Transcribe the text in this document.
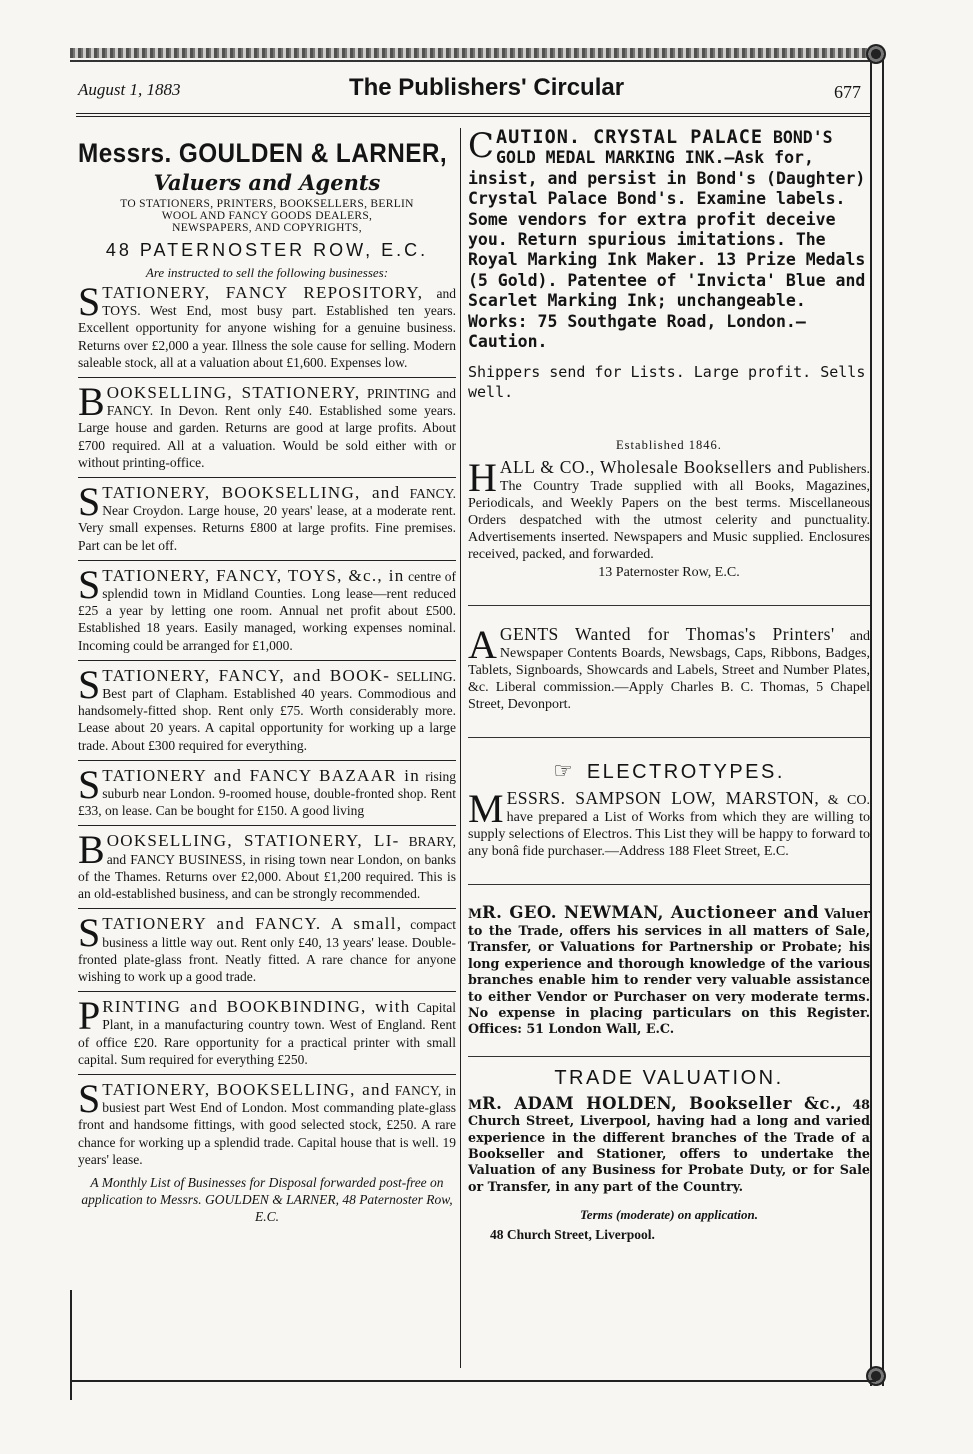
August 1, 1883	The Publishers' Circular	677
Messrs. GOULDEN & LARNER,
Valuers and Agents
TO STATIONERS, PRINTERS, BOOKSELLERS, BERLIN
WOOL AND FANCY GOODS DEALERS,
NEWSPAPERS, AND COPYRIGHTS,
48 PATERNOSTER ROW, E.C.
Are instructed to sell the following businesses:
STATIONERY, FANCY REPOSITORY, and TOYS. West End, most busy part. Established ten years. Excellent opportunity for anyone wishing for a genuine business. Returns over £2,000 a year. Illness the sole cause for selling. Modern saleable stock, all at a valuation about £1,600. Expenses low.
BOOKSELLING, STATIONERY, PRINTING and FANCY. In Devon. Rent only £40. Established some years. Large house and garden. Returns are good at large profits. About £700 required. All at a valuation. Would be sold either with or without printing-office.
STATIONERY, BOOKSELLING, and FANCY. Near Croydon. Large house, 20 years' lease, at a moderate rent. Very small expenses. Returns £800 at large profits. Fine premises. Part can be let off.
STATIONERY, FANCY, TOYS, &c., in centre of splendid town in Midland Counties. Long lease—rent reduced £25 a year by letting one room. Annual net profit about £500. Established 18 years. Easily managed, working expenses nominal. Incoming could be arranged for £1,000.
STATIONERY, FANCY, and BOOK- SELLING. Best part of Clapham. Established 40 years. Commodious and handsomely-fitted shop. Rent only £75. Worth considerably more. Lease about 20 years. A capital opportunity for working up a large trade. About £300 required for everything.
STATIONERY and FANCY BAZAAR in rising suburb near London. 9-roomed house, double-fronted shop. Rent £33, on lease. Can be bought for £150. A good living
BOOKSELLING, STATIONERY, LI- BRARY, and FANCY BUSINESS, in rising town near London, on banks of the Thames. Returns over £2,000. About £1,200 required. This is an old-established business, and can be strongly recommended.
STATIONERY and FANCY. A small, compact business a little way out. Rent only £40, 13 years' lease. Double-fronted plate-glass front. Neatly fitted. A rare chance for anyone wishing to work up a good trade.
PRINTING and BOOKBINDING, with Capital Plant, in a manufacturing country town. West of England. Rent of office £20. Rare opportunity for a practical printer with small capital. Sum required for everything £250.
STATIONERY, BOOKSELLING, and FANCY, in busiest part West End of London. Most commanding plate-glass front and handsome fittings, with good selected stock, £250. A rare chance for working up a splendid trade. Capital house that is well. 19 years' lease.
A Monthly List of Businesses for Disposal forwarded post-free on application to Messrs. GOULDEN & LARNER, 48 Paternoster Row, E.C.
CAUTION. CRYSTAL PALACE BOND'S GOLD MEDAL MARKING INK.—Ask for, insist, and persist in Bond's (Daughter) Crystal Palace Bond's. Examine labels. Some vendors for extra profit deceive you. Return spurious imitations. The Royal Marking Ink Maker. 13 Prize Medals (5 Gold). Patentee of 'Invicta' Blue and Scarlet Marking Ink; unchangeable. Works: 75 Southgate Road, London.—Caution.
Shippers send for Lists. Large profit. Sells well.
Established 1846.
HALL & CO., Wholesale Booksellers and Publishers. The Country Trade supplied with all Books, Magazines, Periodicals, and Weekly Papers on the best terms. Miscellaneous Orders despatched with the utmost celerity and punctuality. Advertisements inserted. Newspapers and Music supplied. Enclosures received, packed, and forwarded.
13 Paternoster Row, E.C.
AGENTS Wanted for Thomas's Printers' and Newspaper Contents Boards, Newsbags, Caps, Ribbons, Badges, Tablets, Signboards, Showcards and Labels, Street and Number Plates, &c. Liberal commission.—Apply Charles B. C. Thomas, 5 Chapel Street, Devonport.
☞ ELECTROTYPES.
MESSRS. SAMPSON LOW, MARSTON, & CO. have prepared a List of Works from which they are willing to supply selections of Electros. This List they will be happy to forward to any bonâ fide purchaser.—Address 188 Fleet Street, E.C.
MR. GEO. NEWMAN, Auctioneer and Valuer to the Trade, offers his services in all matters of Sale, Transfer, or Valuations for Partnership or Probate; his long experience and thorough knowledge of the various branches enable him to render very valuable assistance to either Vendor or Purchaser on very moderate terms. No expense in placing particulars on this Register. Offices: 51 London Wall, E.C.
TRADE VALUATION.
MR. ADAM HOLDEN, Bookseller &c., 48 Church Street, Liverpool, having had a long and varied experience in the different branches of the Trade of a Bookseller and Stationer, offers to undertake the Valuation of any Business for Probate Duty, or for Sale or Transfer, in any part of the Country.
Terms (moderate) on application.
48 Church Street, Liverpool.
